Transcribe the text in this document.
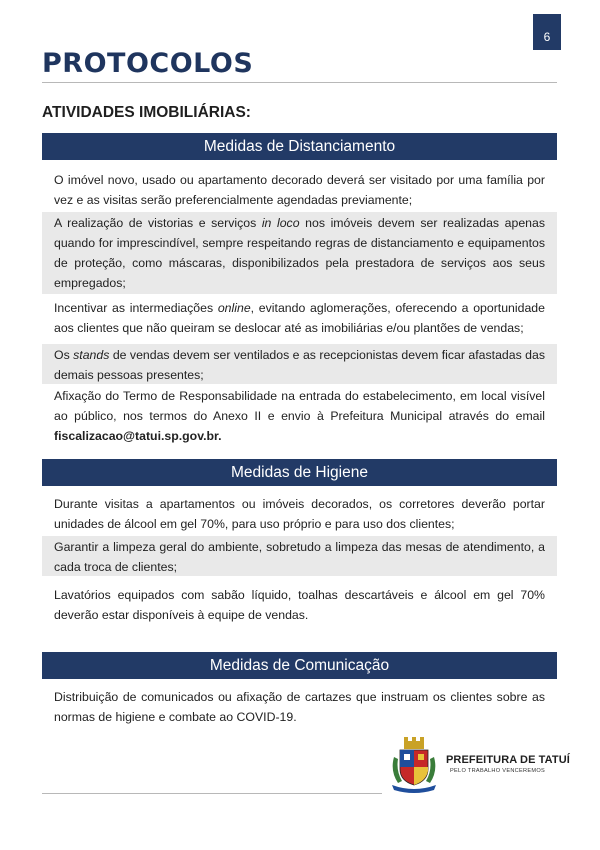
6
PROTOCOLOS
ATIVIDADES IMOBILIÁRIAS:
Medidas de Distanciamento
O imóvel novo, usado ou apartamento decorado deverá ser visitado por uma família por
vez e as visitas serão preferencialmente agendadas previamente;
A realização de vistorias e serviços in loco nos imóveis devem ser realizadas apenas
quando for imprescindível, sempre respeitando regras de distanciamento e equipamentos
de proteção, como máscaras, disponibilizados pela prestadora de serviços aos seus
empregados;
Incentivar as intermediações online, evitando aglomerações, oferecendo a oportunidade
aos clientes que não queiram se deslocar até as imobiliárias e/ou plantões de vendas;
Os stands de vendas devem ser ventilados e as recepcionistas devem ficar afastadas das
demais pessoas presentes;
Afixação do Termo de Responsabilidade na entrada do estabelecimento, em local visível
ao público, nos termos do Anexo II e envio à Prefeitura Municipal através do email
fiscalizacao@tatui.sp.gov.br.
Medidas de Higiene
Durante visitas a apartamentos ou imóveis decorados, os corretores deverão portar
unidades de álcool em gel 70%, para uso próprio e para uso dos clientes;
Garantir a limpeza geral do ambiente, sobretudo a limpeza das mesas de atendimento, a
cada troca de clientes;
Lavatórios equipados com sabão líquido, toalhas descartáveis e álcool em gel 70%
deverão estar disponíveis à equipe de vendas.
Medidas de Comunicação
Distribuição de comunicados ou afixação de cartazes que instruam os clientes sobre as
normas de higiene e combate ao COVID-19.
PREFEITURA DE TATUÍ
PELO TRABALHO VENCEREMOS
